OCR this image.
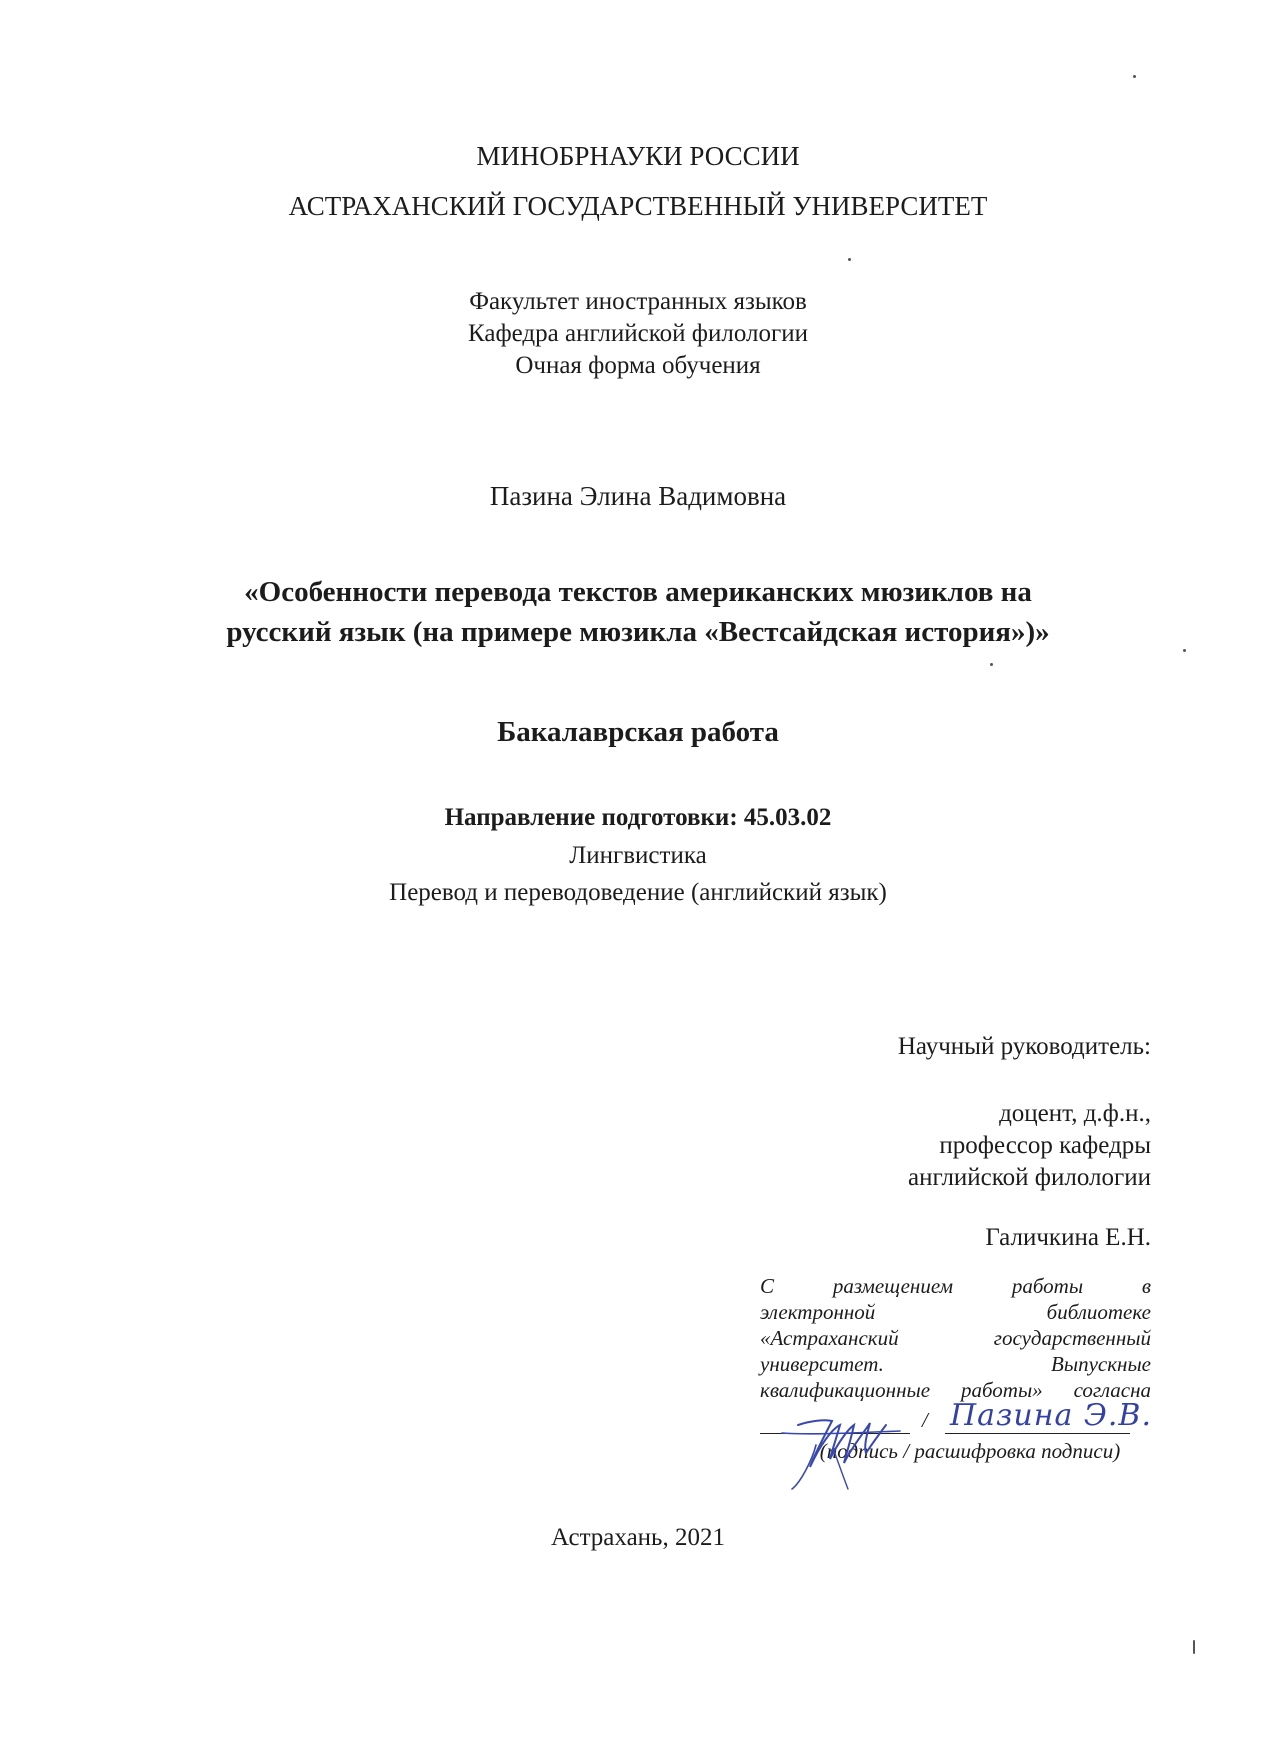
МИНОБРНАУКИ РОССИИ
АСТРАХАНСКИЙ ГОСУДАРСТВЕННЫЙ УНИВЕРСИТЕТ
Факультет иностранных языков
Кафедра английской филологии
Очная форма обучения
Пазина Элина Вадимовна
«Особенности перевода текстов американских мюзиклов на
русский язык (на примере мюзикла «Вестсайдская история»)»
Бакалаврская работа
Направление подготовки: 45.03.02
Лингвистика
Перевод и переводоведение (английский язык)
Научный руководитель:
доцент, д.ф.н.,
профессор кафедры
английской филологии
Галичкина Е.Н.
С размещением работы в
электронной библиотеке
«Астраханский государственный
университет. Выпускные
квалификационные работы» согласна
/ Пазина Э.В.
(подпись / расшифровка подписи)
Астрахань, 2021
